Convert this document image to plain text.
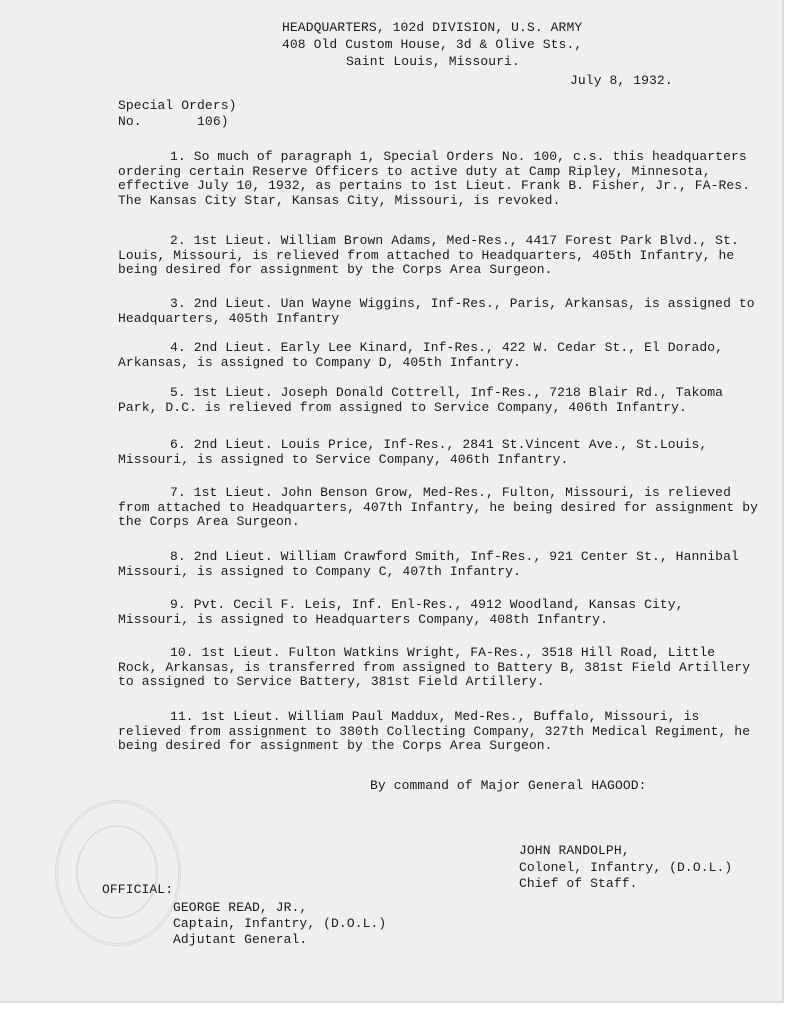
HEADQUARTERS, 102d DIVISION, U.S. ARMY
408 Old Custom House, 3d & Olive Sts.,
Saint Louis, Missouri.
July 8, 1932.
Special Orders)
No.       106)
1. So much of paragraph 1, Special Orders No. 100, c.s. this headquarters ordering certain Reserve Officers to active duty at Camp Ripley, Minnesota, effective July 10, 1932, as pertains to 1st Lieut. Frank B. Fisher, Jr., FA-Res. The Kansas City Star, Kansas City, Missouri, is revoked.
2. 1st Lieut. William Brown Adams, Med-Res., 4417 Forest Park Blvd., St. Louis, Missouri, is relieved from attached to Headquarters, 405th Infantry, he being desired for assignment by the Corps Area Surgeon.
3. 2nd Lieut. Uan Wayne Wiggins, Inf-Res., Paris, Arkansas, is assigned to Headquarters, 405th Infantry
4. 2nd Lieut. Early Lee Kinard, Inf-Res., 422 W. Cedar St., El Dorado, Arkansas, is assigned to Company D, 405th Infantry.
5. 1st Lieut. Joseph Donald Cottrell, Inf-Res., 7218 Blair Rd., Takoma Park, D.C. is relieved from assigned to Service Company, 406th Infantry.
6. 2nd Lieut. Louis Price, Inf-Res., 2841 St.Vincent Ave., St.Louis, Missouri, is assigned to Service Company, 406th Infantry.
7. 1st Lieut. John Benson Grow, Med-Res., Fulton, Missouri, is relieved from attached to Headquarters, 407th Infantry, he being desired for assignment by the Corps Area Surgeon.
8. 2nd Lieut. William Crawford Smith, Inf-Res., 921 Center St., Hannibal Missouri, is assigned to Company C, 407th Infantry.
9. Pvt. Cecil F. Leis, Inf. Enl-Res., 4912 Woodland, Kansas City, Missouri, is assigned to Headquarters Company, 408th Infantry.
10. 1st Lieut. Fulton Watkins Wright, FA-Res., 3518 Hill Road, Little Rock, Arkansas, is transferred from assigned to Battery B, 381st Field Artillery to assigned to Service Battery, 381st Field Artillery.
11. 1st Lieut. William Paul Maddux, Med-Res., Buffalo, Missouri, is relieved from assignment to 380th Collecting Company, 327th Medical Regiment, he being desired for assignment by the Corps Area Surgeon.
By command of Major General HAGOOD:
JOHN RANDOLPH,
Colonel, Infantry, (D.O.L.)
Chief of Staff.
OFFICIAL:
GEORGE READ, JR.,
Captain, Infantry, (D.O.L.)
Adjutant General.
